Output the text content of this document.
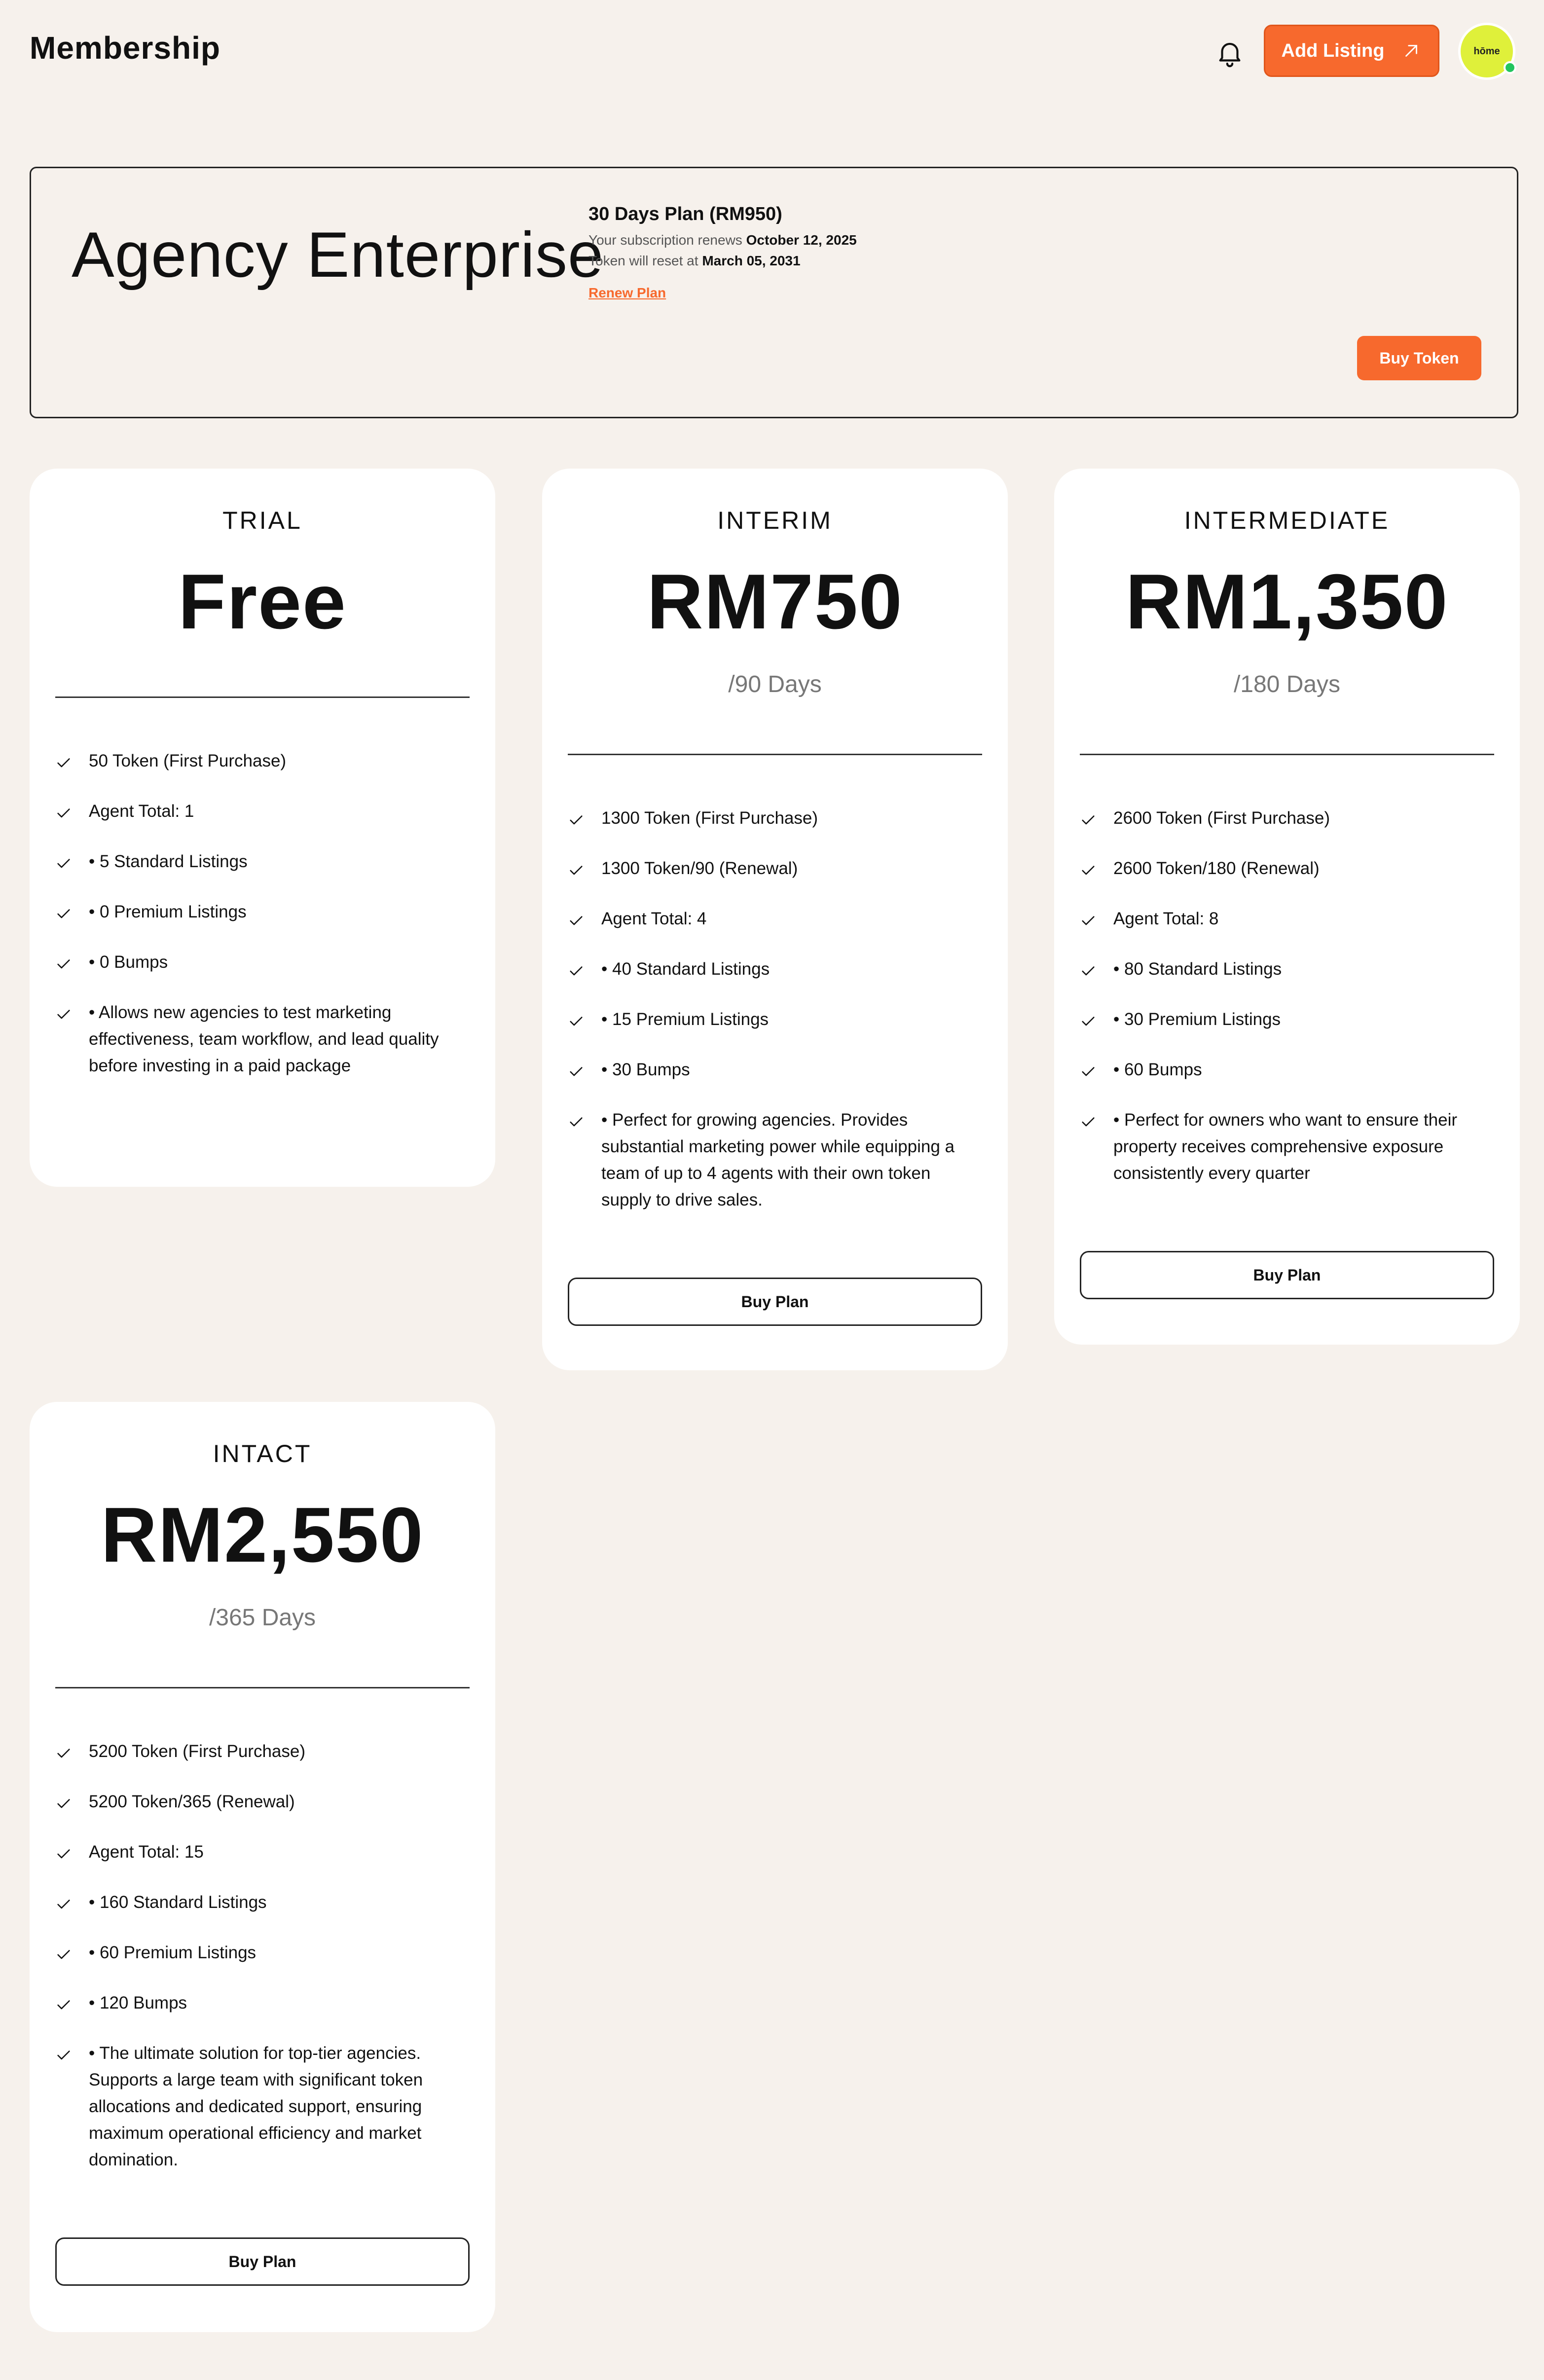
Membership	Add Listing	hōme
Agency Enterprise
30 Days Plan (RM950)
Your subscription renews October 12, 2025
Token will reset at March 05, 2031
Renew Plan
Buy Token
TRIAL
Free
50 Token (First Purchase)
Agent Total: 1
• 5 Standard Listings
• 0 Premium Listings
• 0 Bumps
• Allows new agencies to test marketing effectiveness, team workflow, and lead quality before investing in a paid package
INTERIM
RM750
/90 Days
1300 Token (First Purchase)
1300 Token/90 (Renewal)
Agent Total: 4
• 40 Standard Listings
• 15 Premium Listings
• 30 Bumps
• Perfect for growing agencies. Provides substantial marketing power while equipping a team of up to 4 agents with their own token supply to drive sales.
Buy Plan
INTERMEDIATE
RM1,350
/180 Days
2600 Token (First Purchase)
2600 Token/180 (Renewal)
Agent Total: 8
• 80 Standard Listings
• 30 Premium Listings
• 60 Bumps
• Perfect for owners who want to ensure their property receives comprehensive exposure consistently every quarter
Buy Plan
INTACT
RM2,550
/365 Days
5200 Token (First Purchase)
5200 Token/365 (Renewal)
Agent Total: 15
• 160 Standard Listings
• 60 Premium Listings
• 120 Bumps
• The ultimate solution for top-tier agencies. Supports a large team with significant token allocations and dedicated support, ensuring maximum operational efficiency and market domination.
Buy Plan
